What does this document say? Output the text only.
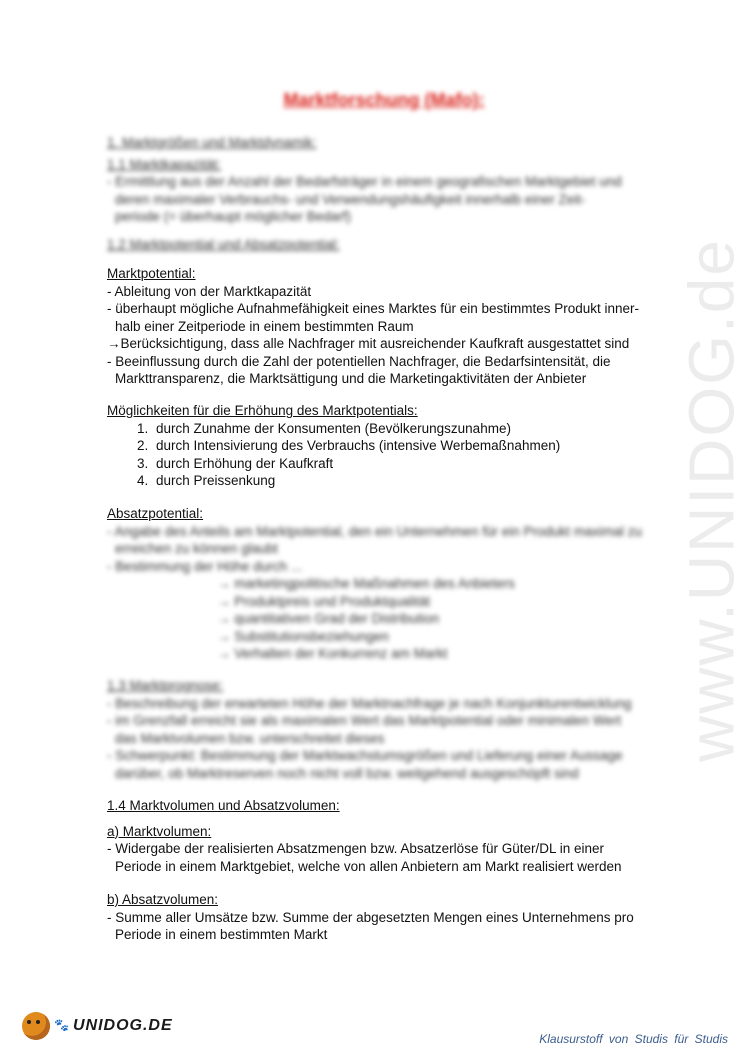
Marktforschung (Mafo):
www.UNIDOG.de
1. Marktgrößen und Marktdynamik:
1.1 Marktkapazität:
- Ermittlung aus der Anzahl der Bedarfsträger in einem geografischen Marktgebiet und
deren maximaler Verbrauchs- und Verwendungshäufigkeit innerhalb einer Zeit-
periode (= überhaupt möglicher Bedarf)
1.2 Marktpotential und Absatzpotential:
Marktpotential:
- Ableitung von der Marktkapazität
- überhaupt mögliche Aufnahmefähigkeit eines Marktes für ein bestimmtes Produkt inner-
halb einer Zeitperiode in einem bestimmten Raum
→Berücksichtigung, dass alle Nachfrager mit ausreichender Kaufkraft ausgestattet sind
- Beeinflussung durch die Zahl der potentiellen Nachfrager, die Bedarfsintensität, die
Markttransparenz, die Marktsättigung und die Marketingaktivitäten der Anbieter
Möglichkeiten für die Erhöhung des Marktpotentials:
1. durch Zunahme der Konsumenten (Bevölkerungszunahme)
2. durch Intensivierung des Verbrauchs (intensive Werbemaßnahmen)
3. durch Erhöhung der Kaufkraft
4. durch Preissenkung
Absatzpotential:
- Angabe des Anteils am Marktpotential, den ein Unternehmen für ein Produkt maximal zu
erreichen zu können glaubt
- Bestimmung der Höhe durch ...
→ marketingpolitische Maßnahmen des Anbieters
→ Produktpreis und Produktqualität
→ quantitativen Grad der Distribution
→ Substitutionsbeziehungen
→ Verhalten der Konkurrenz am Markt
1.3 Marktprognose:
- Beschreibung der erwarteten Höhe der Marktnachfrage je nach Konjunkturentwicklung
- im Grenzfall erreicht sie als maximalen Wert das Marktpotential oder minimalen Wert
das Marktvolumen bzw. unterschreitet dieses
- Schwerpunkt: Bestimmung der Marktwachstumsgrößen und Lieferung einer Aussage
darüber, ob Marktreserven noch nicht voll bzw. weitgehend ausgeschöpft sind
1.4 Marktvolumen und Absatzvolumen:
a) Marktvolumen:
- Widergabe der realisierten Absatzmengen bzw. Absatzerlöse für Güter/DL in einer
Periode in einem Marktgebiet, welche von allen Anbietern am Markt realisiert werden
b) Absatzvolumen:
- Summe aller Umsätze bzw. Summe der abgesetzten Mengen eines Unternehmens pro
Periode in einem bestimmten Markt
🐾 UNIDOG.DE
Klausurstoff von Studis für Studis
